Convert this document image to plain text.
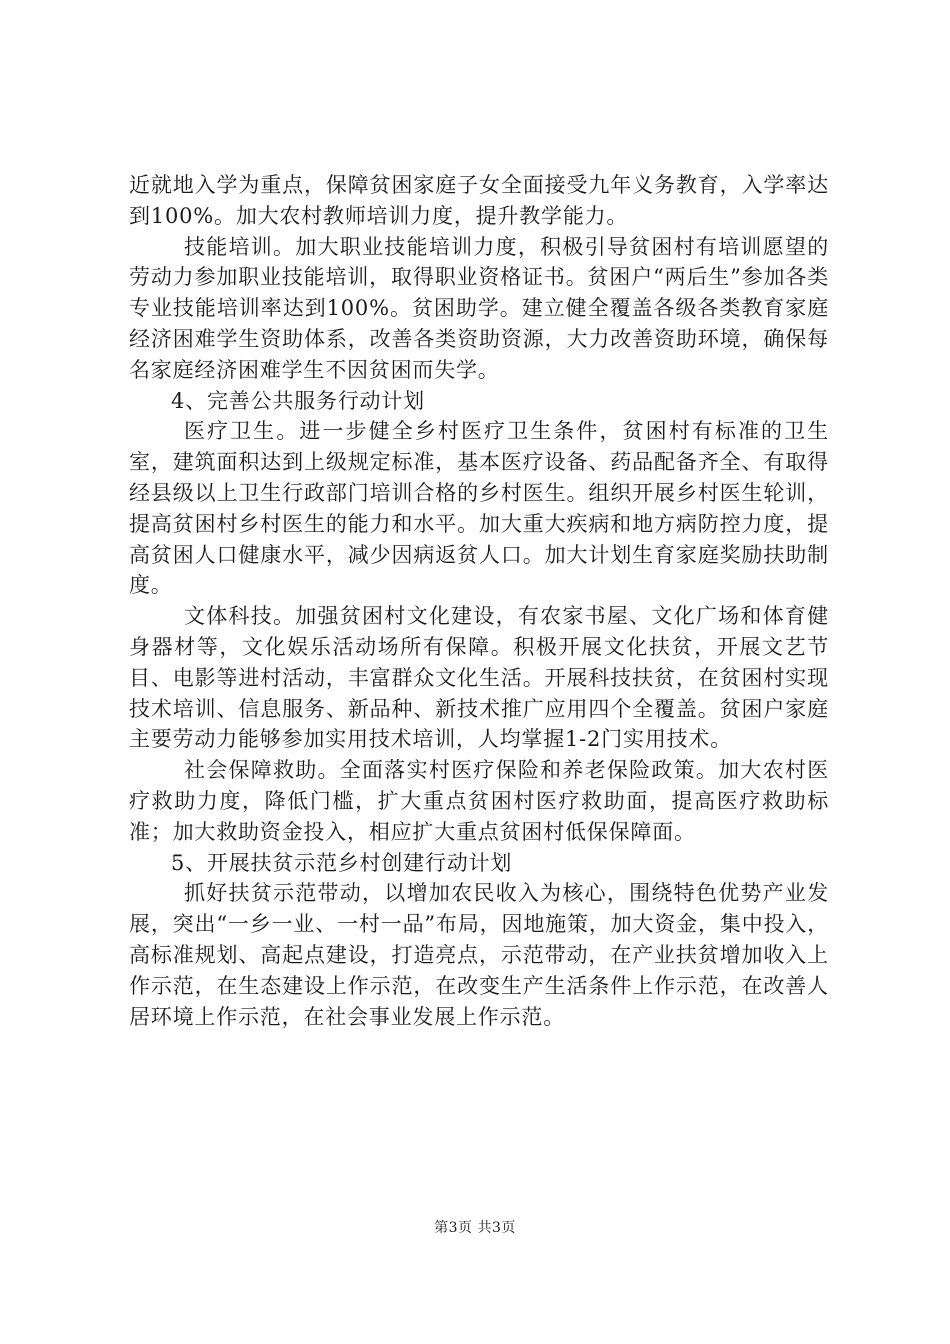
近就地入学为重点，保障贫困家庭子女全面接受九年义务教育，入学率达到100%。加大农村教师培训力度，提升教学能力。

技能培训。加大职业技能培训力度，积极引导贫困村有培训愿望的劳动力参加职业技能培训，取得职业资格证书。贫困户“两后生”参加各类专业技能培训率达到100%。贫困助学。建立健全覆盖各级各类教育家庭经济困难学生资助体系，改善各类资助资源，大力改善资助环境，确保每名家庭经济困难学生不因贫困而失学。

4、完善公共服务行动计划

医疗卫生。进一步健全乡村医疗卫生条件，贫困村有标准的卫生室，建筑面积达到上级规定标准，基本医疗设备、药品配备齐全、有取得经县级以上卫生行政部门培训合格的乡村医生。组织开展乡村医生轮训，提高贫困村乡村医生的能力和水平。加大重大疾病和地方病防控力度，提高贫困人口健康水平，减少因病返贫人口。加大计划生育家庭奖励扶助制度。

文体科技。加强贫困村文化建设，有农家书屋、文化广场和体育健身器材等，文化娱乐活动场所有保障。积极开展文化扶贫，开展文艺节目、电影等进村活动，丰富群众文化生活。开展科技扶贫，在贫困村实现技术培训、信息服务、新品种、新技术推广应用四个全覆盖。贫困户家庭主要劳动力能够参加实用技术培训，人均掌握1-2门实用技术。

社会保障救助。全面落实村医疗保险和养老保险政策。加大农村医疗救助力度，降低门槛，扩大重点贫困村医疗救助面，提高医疗救助标准；加大救助资金投入，相应扩大重点贫困村低保保障面。

5、开展扶贫示范乡村创建行动计划

抓好扶贫示范带动，以增加农民收入为核心，围绕特色优势产业发展，突出“一乡一业、一村一品”布局，因地施策，加大资金，集中投入，高标准规划、高起点建设，打造亮点，示范带动，在产业扶贫增加收入上作示范，在生态建设上作示范，在改变生产生活条件上作示范，在改善人居环境上作示范，在社会事业发展上作示范。

第3页 共3页
